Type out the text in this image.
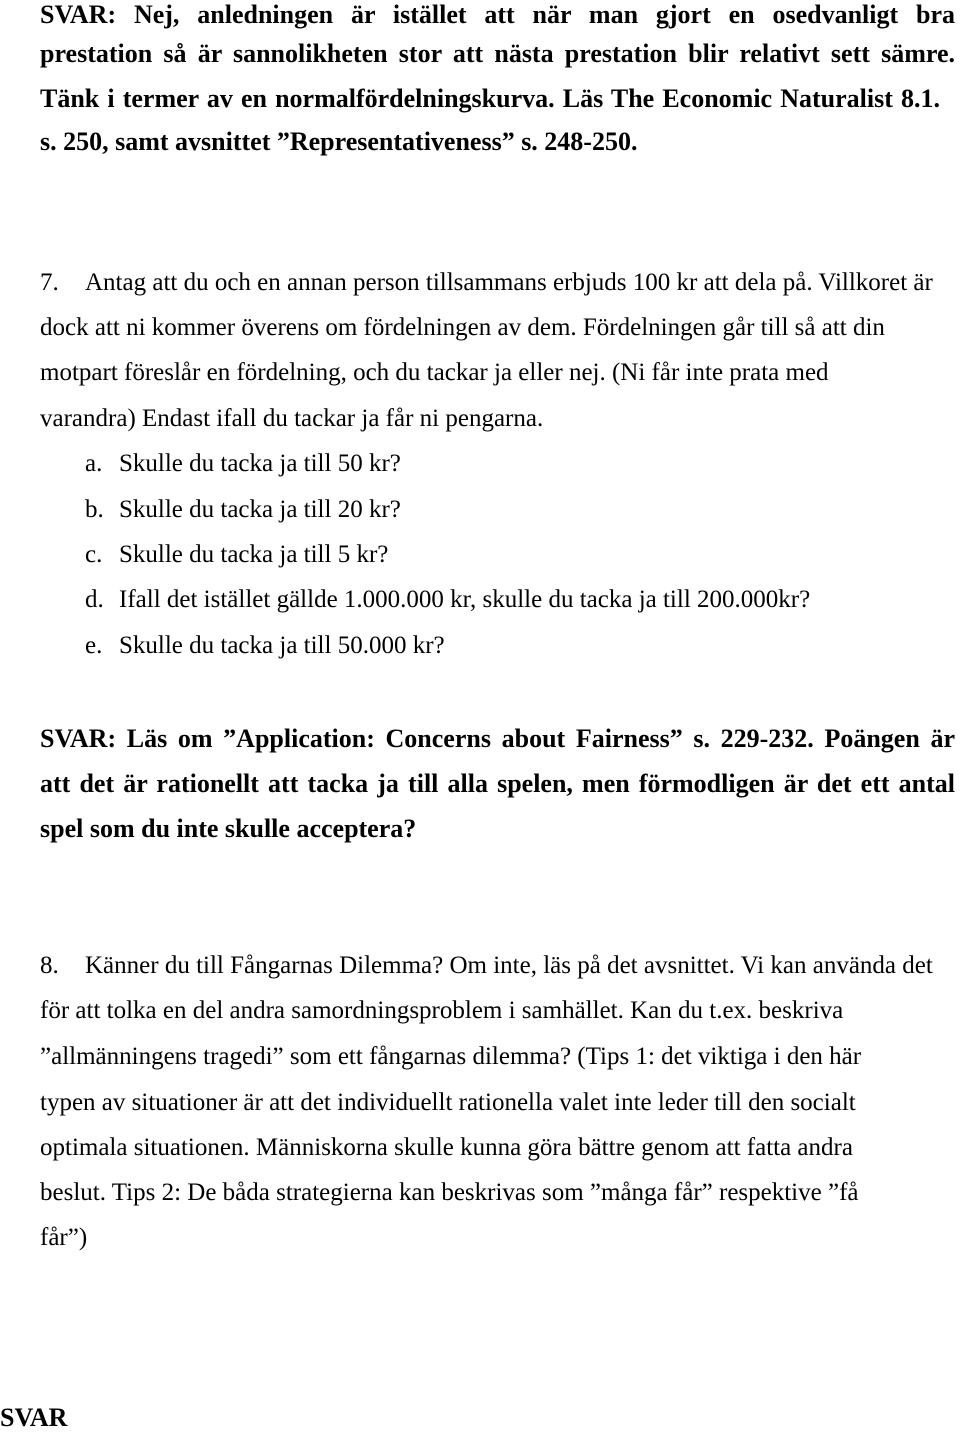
SVAR: Nej, anledningen är istället att när man gjort en osedvanligt bra
prestation så är sannolikheten stor att nästa prestation blir relativt sett sämre.
Tänk i termer av en normalfördelningskurva. Läs The Economic Naturalist 8.1.
s. 250, samt avsnittet ”Representativeness” s. 248-250.
7. Antag att du och en annan person tillsammans erbjuds 100 kr att dela på. Villkoret är
dock att ni kommer överens om fördelningen av dem. Fördelningen går till så att din
motpart föreslår en fördelning, och du tackar ja eller nej. (Ni får inte prata med
varandra) Endast ifall du tackar ja får ni pengarna.
a. Skulle du tacka ja till 50 kr?
b. Skulle du tacka ja till 20 kr?
c. Skulle du tacka ja till 5 kr?
d. Ifall det istället gällde 1.000.000 kr, skulle du tacka ja till 200.000kr?
e. Skulle du tacka ja till 50.000 kr?
SVAR: Läs om ”Application: Concerns about Fairness” s. 229-232. Poängen är
att det är rationellt att tacka ja till alla spelen, men förmodligen är det ett antal
spel som du inte skulle acceptera?
8. Känner du till Fångarnas Dilemma? Om inte, läs på det avsnittet. Vi kan använda det
för att tolka en del andra samordningsproblem i samhället. Kan du t.ex. beskriva
”allmänningens tragedi” som ett fångarnas dilemma? (Tips 1: det viktiga i den här
typen av situationer är att det individuellt rationella valet inte leder till den socialt
optimala situationen. Människorna skulle kunna göra bättre genom att fatta andra
beslut. Tips 2: De båda strategierna kan beskrivas som ”många får” respektive ”få
får”)
SVAR
